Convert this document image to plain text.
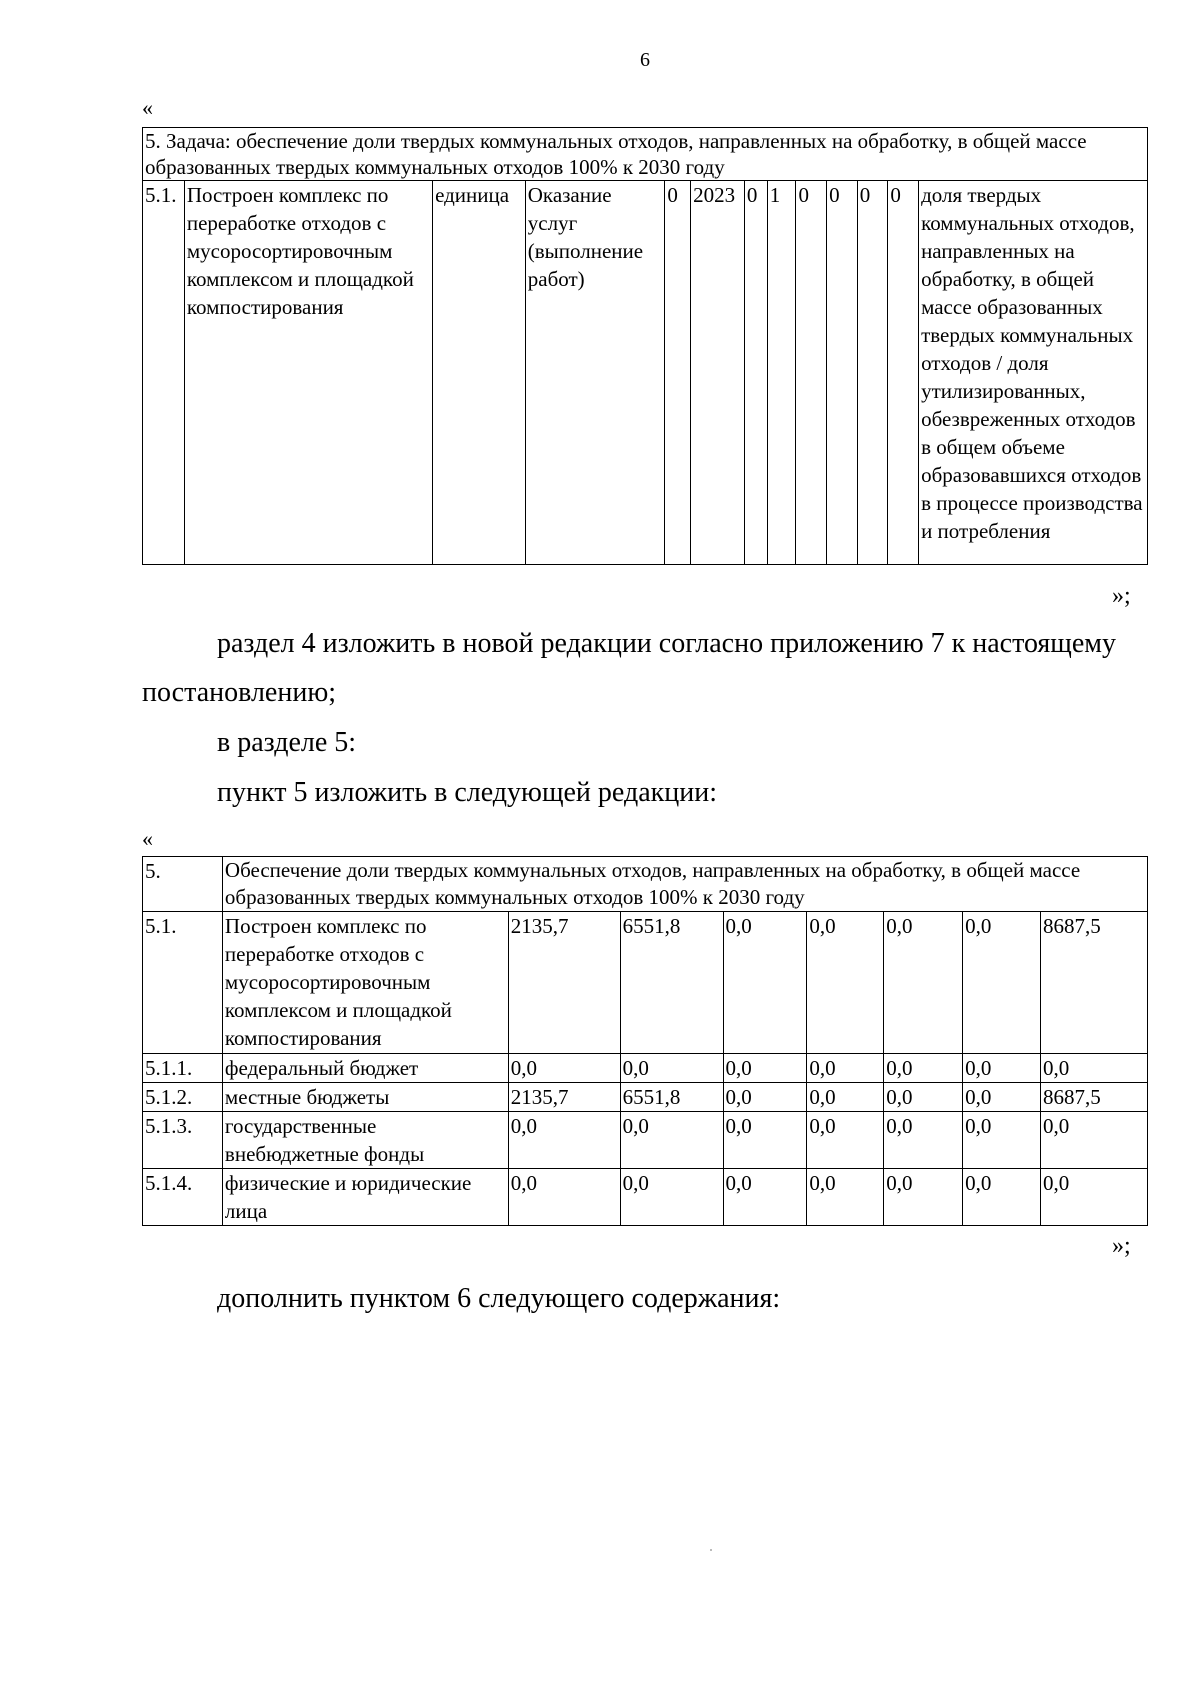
6
«
5. Задача: обеспечение доли твердых коммунальных отходов, направленных на обработку, в общей массе образованных твердых коммунальных отходов 100% к 2030 году
5.1.	Построен комплекс по переработке отходов с мусоросортировочным комплексом и площадкой компостирования	единица	Оказание услуг (выполнение работ)	0	2023	0	1	0	0	0	0	доля твердых коммунальных отходов, направленных на обработку, в общей массе образованных твердых коммунальных отходов / доля утилизированных, обезвреженных отходов в общем объеме образовавшихся отходов в процессе производства и потребления
»;
раздел 4 изложить в новой редакции согласно приложению 7 к настоящему
постановлению;
в разделе 5:
пункт 5 изложить в следующей редакции:
«
5.	Обеспечение доли твердых коммунальных отходов, направленных на обработку, в общей массе образованных твердых коммунальных отходов 100% к 2030 году							
5.1.	Построен комплекс по переработке отходов с мусоросортировочным комплексом и площадкой компостирования	2135,7	6551,8	0,0	0,0	0,0	0,0	8687,5
5.1.1.	федеральный бюджет	0,0	0,0	0,0	0,0	0,0	0,0	0,0
5.1.2.	местные бюджеты	2135,7	6551,8	0,0	0,0	0,0	0,0	8687,5
5.1.3.	государственные внебюджетные фонды	0,0	0,0	0,0	0,0	0,0	0,0	0,0
5.1.4.	физические и юридические лица	0,0	0,0	0,0	0,0	0,0	0,0	0,0
»;
дополнить пунктом 6 следующего содержания:
